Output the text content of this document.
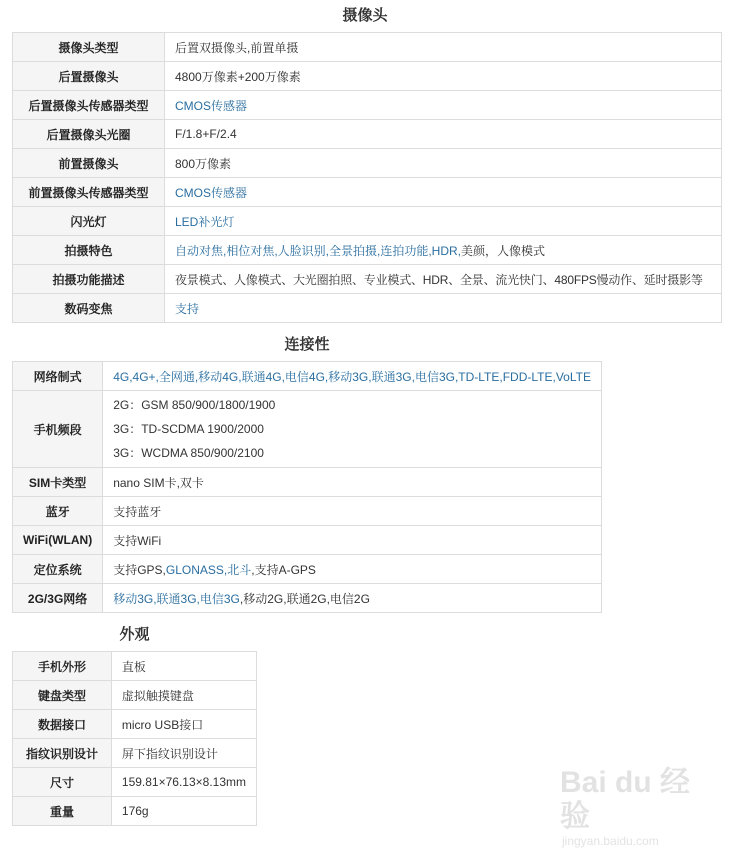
摄像头
摄像头类型	后置双摄像头,前置单摄
后置摄像头	4800万像素+200万像素
后置摄像头传感器类型	CMOS传感器
后置摄像头光圈	F/1.8+F/2.4
前置摄像头	800万像素
前置摄像头传感器类型	CMOS传感器
闪光灯	LED补光灯
拍摄特色	自动对焦,相位对焦,人脸识别,全景拍摄,连拍功能,HDR,美颜，人像模式
拍摄功能描述	夜景模式、人像模式、大光圈拍照、专业模式、HDR、全景、流光快门、480FPS慢动作、延时摄影等
数码变焦	支持
连接性
网络制式	4G,4G+,全网通,移动4G,联通4G,电信4G,移动3G,联通3G,电信3G,TD-LTE,FDD-LTE,VoLTE
手机频段	2G：GSM 850/900/1800/1900
3G：TD-SCDMA 1900/2000
3G：WCDMA 850/900/2100

SIM卡类型	nano SIM卡,双卡
蓝牙	支持蓝牙
WiFi(WLAN)	支持WiFi
定位系统	支持GPS,GLONASS,北斗,支持A-GPS
2G/3G网络	移动3G,联通3G,电信3G,移动2G,联通2G,电信2G
外观
手机外形	直板
键盘类型	虚拟触摸键盘
数据接口	micro USB接口
指纹识别设计	屏下指纹识别设计
尺寸	159.81×76.13×8.13mm
重量	176g
Bai du 经验
jingyan.baidu.com
